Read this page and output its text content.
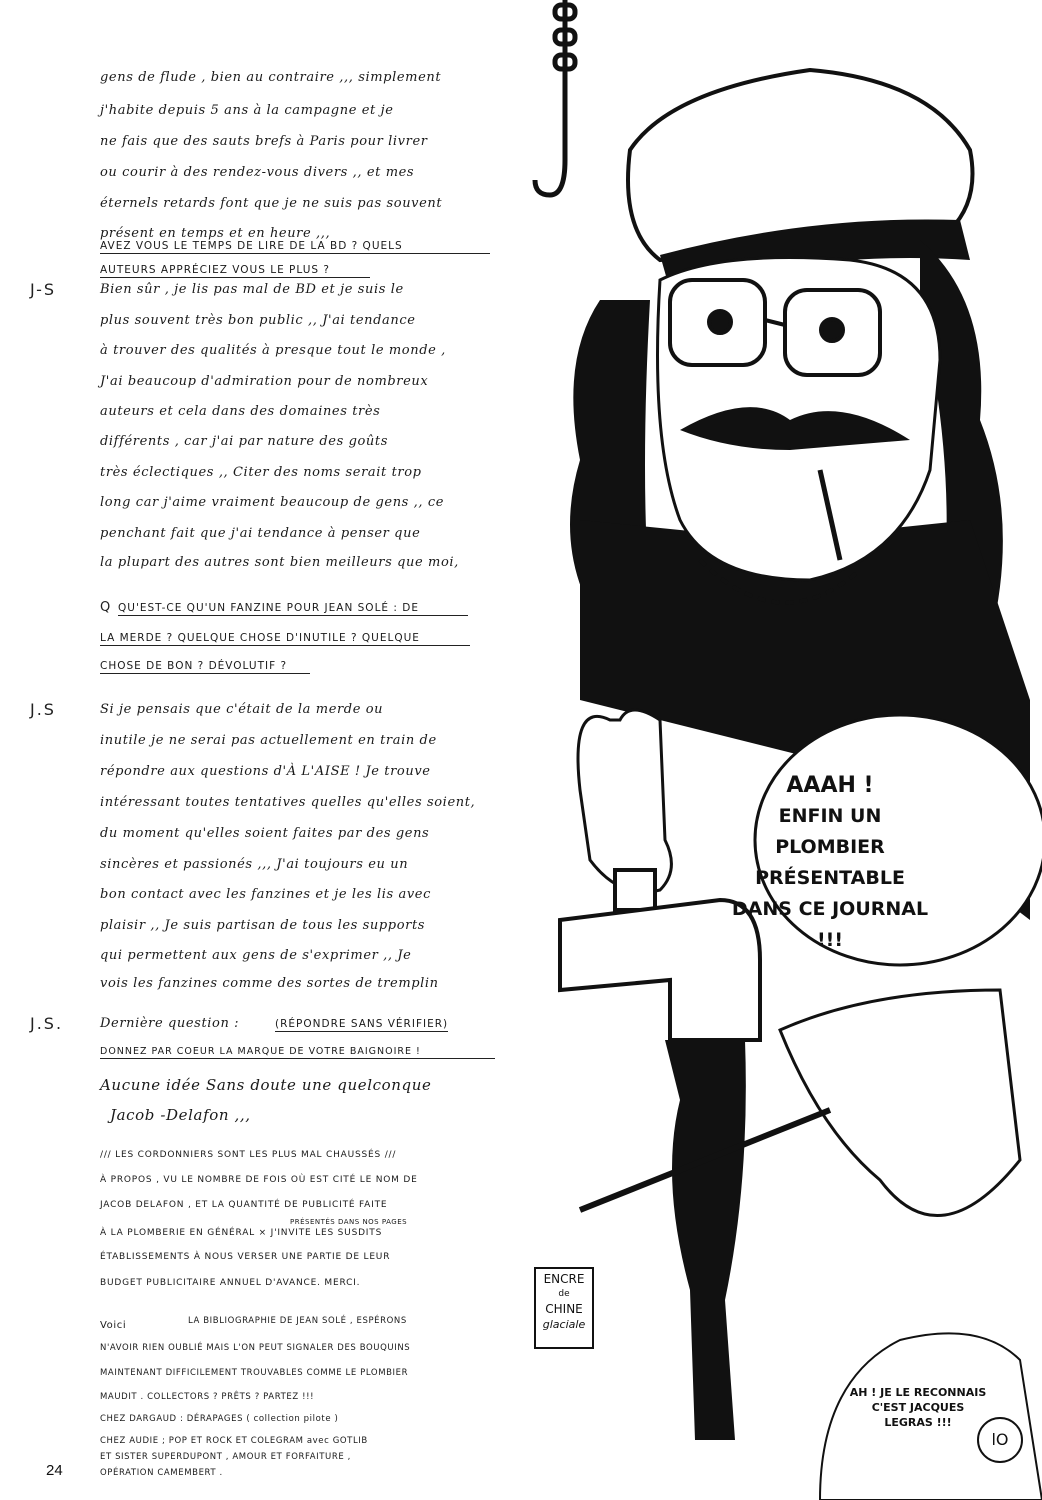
gens de flude , bien au contraire ,,, simplement
j'habite depuis 5 ans à la campagne et je
ne fais que des sauts brefs à Paris pour livrer
ou courir à des rendez-vous divers ,, et mes
éternels retards font que je ne suis pas souvent
présent en temps et en heure ,,,
AVEZ VOUS LE TEMPS DE LIRE DE LA BD ? QUELS
AUTEURS APPRÉCIEZ VOUS LE PLUS ?
J-S	Bien sûr , je lis pas mal de BD et je suis le
plus souvent très bon public ,, J'ai tendance
à trouver des qualités à presque tout le monde ,
J'ai beaucoup d'admiration pour de nombreux
auteurs et cela dans des domaines très
différents , car j'ai par nature des goûts
très éclectiques ,, Citer des noms serait trop
long car j'aime vraiment beaucoup de gens ,, ce
penchant fait que j'ai tendance à penser que
la plupart des autres sont bien meilleurs que moi,
Q QU'EST-CE QU'UN FANZINE POUR JEAN SOLÉ : DE
LA MERDE ? QUELQUE CHOSE D'INUTILE ? QUELQUE
CHOSE DE BON ? DÉVOLUTIF ?
J.S	Si je pensais que c'était de la merde ou
inutile je ne serai pas actuellement en train de
répondre aux questions d'À L'AISE ! Je trouve
intéressant toutes tentatives quelles qu'elles soient,
du moment qu'elles soient faites par des gens
sincères et passionés ,,, J'ai toujours eu un
bon contact avec les fanzines et je les lis avec
plaisir ,, Je suis partisan de tous les supports
qui permettent aux gens de s'exprimer ,, Je
vois les fanzines comme des sortes de tremplin
J.S.	Dernière question :	(RÉPONDRE SANS VÉRIFIER)
DONNEZ PAR COEUR LA MARQUE DE VOTRE BAIGNOIRE !
Aucune idée Sans doute une quelconque
Jacob -Delafon ,,,
/// LES CORDONNIERS SONT LES PLUS MAL CHAUSSÉS ///
À PROPOS , VU LE NOMBRE DE FOIS OÙ EST CITÉ LE NOM DE
JACOB DELAFON , ET LA QUANTITÉ DE PUBLICITÉ FAITE
PRÉSENTÉS DANS NOS PAGES
À LA PLOMBERIE EN GÉNÉRAL × J'INVITE LES SUSDITS
ÉTABLISSEMENTS À NOUS VERSER UNE PARTIE DE LEUR
BUDGET PUBLICITAIRE ANNUEL D'AVANCE. MERCI.
Voici	LA BIBLIOGRAPHIE DE JEAN SOLÉ , ESPÉRONS
N'AVOIR RIEN OUBLIÉ MAIS L'ON PEUT SIGNALER DES BOUQUINS
MAINTENANT DIFFICILEMENT TROUVABLES COMME LE PLOMBIER
MAUDIT . COLLECTORS ? PRÊTS ? PARTEZ !!!
24
AAAH !
ENFIN UN PLOMBIER
PRÉSENTABLE
DANS CE JOURNAL
!!!
ENCRE
de
CHINE
glaciale
AH ! JE LE RECONNAIS
C'EST JACQUES
LEGRAS !!!
lO
CHEZ DARGAUD : DÉRAPAGES ( collection pilote )
CHEZ AUDIE ; POP ET ROCK ET COLEGRAM avec GOTLIB
ET SISTER SUPERDUPONT , AMOUR ET FORFAITURE ,
OPÉRATION CAMEMBERT .
